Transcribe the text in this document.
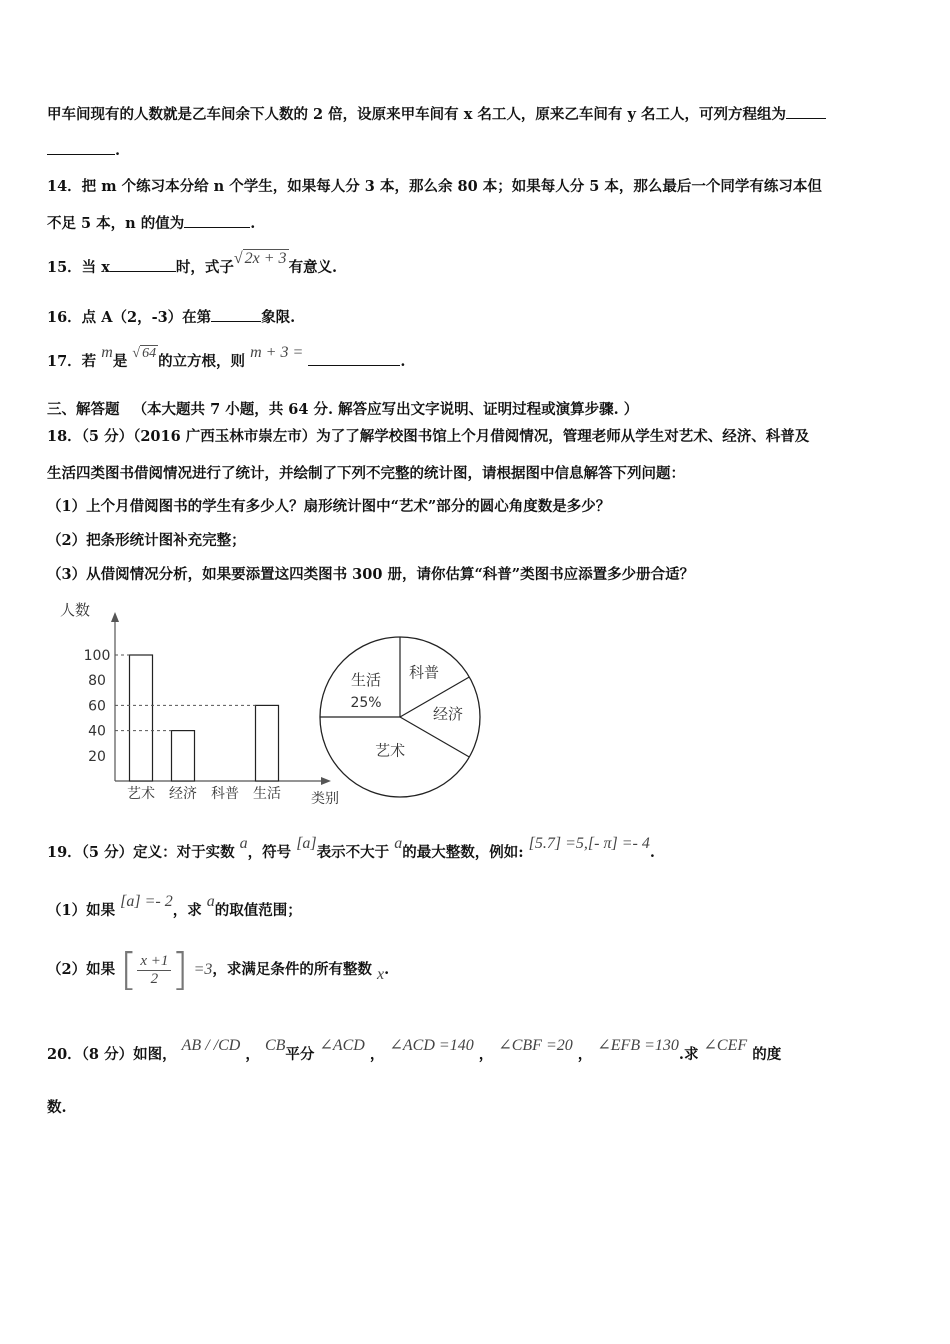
甲车间现有的人数就是乙车间余下人数的 2 倍，设原来甲车间有 x 名工人，原来乙车间有 y 名工人，可列方程组为
.
14．把 m 个练习本分给 n 个学生，如果每人分 3 本，那么余 80 本；如果每人分 5 本，那么最后一个同学有练习本但
不足 5 本，n 的值为	.
15．当 x	时，式子√ 2x + 3有意义.
16．点 A（2，-3）在第	象限.
17．若 m是 √ 64 的立方根，则 m + 3 = .
三、解答题 （本大题共 7 小题，共 64 分. 解答应写出文字说明、证明过程或演算步骤. ）
18．（5 分）（2016 广西玉林市崇左市）为了了解学校图书馆上个月借阅情况，管理老师从学生对艺术、经济、科普及
生活四类图书借阅情况进行了统计，并绘制了下列不完整的统计图，请根据图中信息解答下列问题：
（1）上个月借阅图书的学生有多少人？扇形统计图中“艺术”部分的圆心角度数是多少？
（2）把条形统计图补充完整；
（3）从借阅情况分析，如果要添置这四类图书 300 册，请你估算“科普”类图书应添置多少册合适？
人数
类别
20
40
60
80
100
艺术 经济 科普 生活
生活
25%
科普
经济
艺术
19．（5 分）定义：对于实数 a，符号 [a]表示不大于 a的最大整数，例如: [5.7] =5,[- π] =- 4.
（1）如果 [a] =- 2，求 a的取值范围；
（2）如果 [ $\frac{x +1}{2}$ ] =3，求满足条件的所有整数 x.
20．（8 分）如图， AB / /CD ， CB平分 ∠ACD ， ∠ACD =140 ， ∠CBF =20 ， ∠EFB =130.求 ∠CEF 的度
数.
